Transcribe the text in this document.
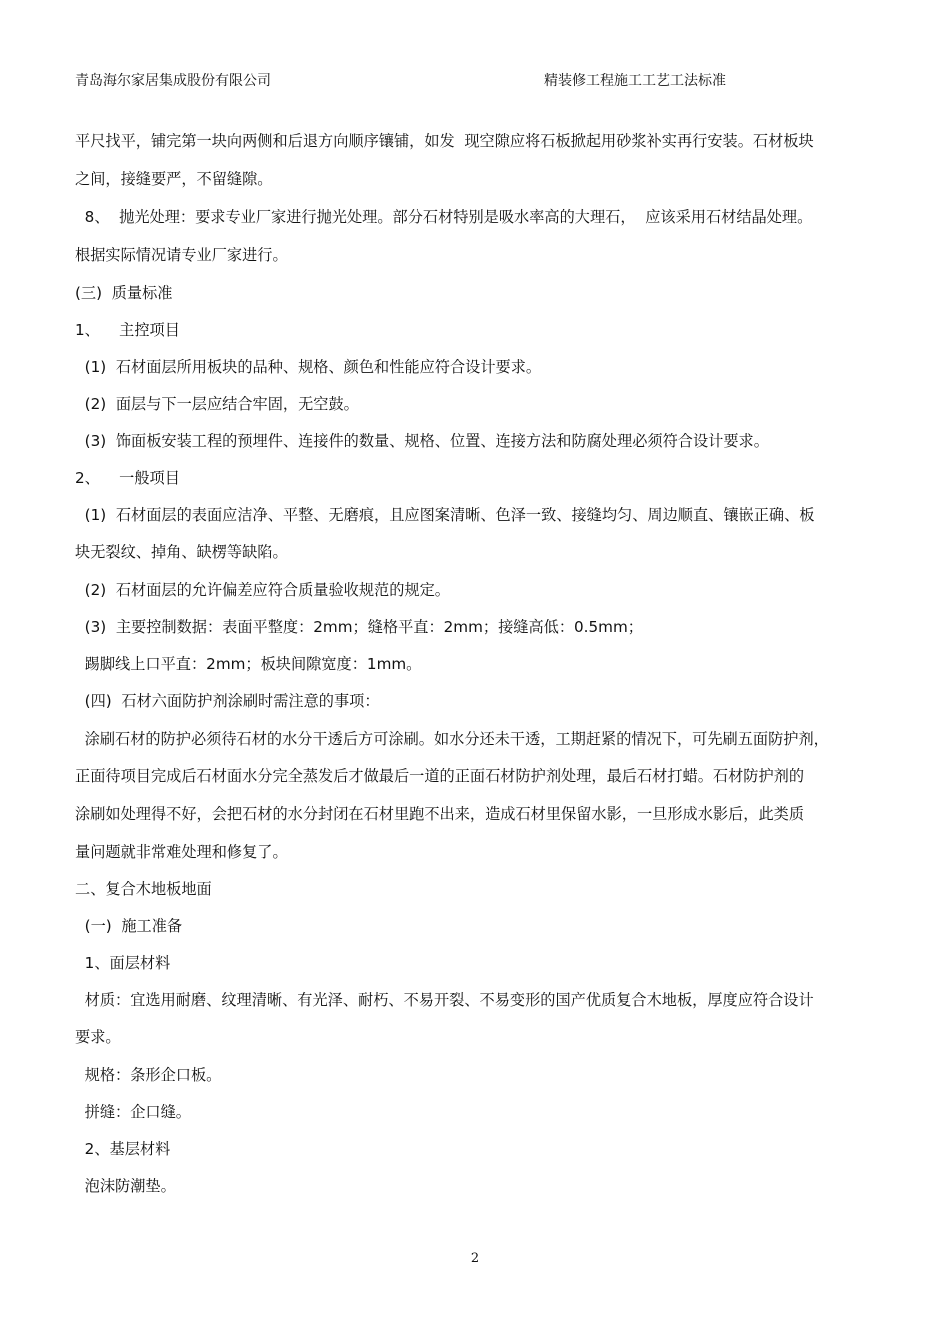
青岛海尔家居集成股份有限公司	精装修工程施工工艺工法标准
平尺找平，铺完第一块向两侧和后退方向顺序镶铺，如发  现空隙应将石板掀起用砂浆补实再行安装。石材板块
之间，接缝要严，不留缝隙。
8、  抛光处理：要求专业厂家进行抛光处理。部分石材特别是吸水率高的大理石，  应该采用石材结晶处理。
根据实际情况请专业厂家进行。
(三)  质量标准
1、    主控项目
(1)  石材面层所用板块的品种、规格、颜色和性能应符合设计要求。
(2)  面层与下一层应结合牢固，无空鼓。
(3)  饰面板安装工程的预埋件、连接件的数量、规格、位置、连接方法和防腐处理必须符合设计要求。
2、    一般项目
(1)  石材面层的表面应洁净、平整、无磨痕，且应图案清晰、色泽一致、接缝均匀、周边顺直、镶嵌正确、板
块无裂纹、掉角、缺楞等缺陷。
(2)  石材面层的允许偏差应符合质量验收规范的规定。
(3)  主要控制数据：表面平整度：2mm；缝格平直：2mm；接缝高低：0.5mm；
踢脚线上口平直：2mm；板块间隙宽度：1mm。
(四)  石材六面防护剂涂刷时需注意的事项：
涂刷石材的防护必须待石材的水分干透后方可涂刷。如水分还未干透，工期赶紧的情况下，可先刷五面防护剂，
正面待项目完成后石材面水分完全蒸发后才做最后一道的正面石材防护剂处理，最后石材打蜡。石材防护剂的
涂刷如处理得不好，会把石材的水分封闭在石材里跑不出来，造成石材里保留水影，一旦形成水影后，此类质
量问题就非常难处理和修复了。
二、复合木地板地面
(一)  施工准备
1、面层材料
材质：宜选用耐磨、纹理清晰、有光泽、耐朽、不易开裂、不易变形的国产优质复合木地板，厚度应符合设计
要求。
规格：条形企口板。
拼缝：企口缝。
2、基层材料
泡沫防潮垫。
2
